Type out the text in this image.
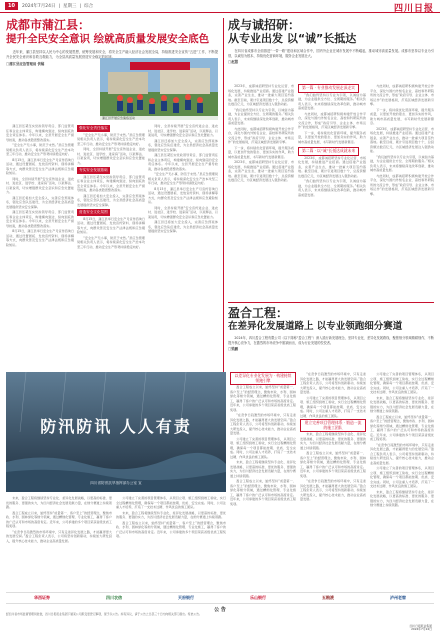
10	2024年7月24日 | 星期三 | 综合	四川日报
成都市蒲江县：
提升全民安全意识 绘就高质量发展安全底色

近年来，蒲江县坚持以人民为中心的发展思想，统筹发展和安全，将安全生产融入经济社会发展全局，持续推进安全宣传“五进”工作，不断提升全民安全意识和自救互救能力，为全县高质量发展营造安全稳定的环境。

□蒲江县应急管理局 供稿
蒲江县开展应急演练活动

蒲江县压紧压实党政领导责任、部门监管责任和企业主体责任，构建横向到边、纵向到底的安全责任体系。今年以来，全县开展安全生产督导检查，推动各类隐患整改落实。

“安全生产无小事，防范于未然。”县应急管理局相关负责人表示，将持续深化安全生产治本攻坚三年行动，推动安全生产形势持续稳定向好。

8月15日，蒲江县举行安全生产月宣传咨询日活动，通过设置展板、发放宣传资料、现场讲解等方式，向群众普及安全生产法律法规和应急避险知识。

同时，全县持续开展“安全宣传进企业、进农村、进社区、进学校、进家庭”活动，以案释法、以案说责，切实增强群众安全意识和应急处置能力。

蒲江县还将加大安全投入，完善应急预案体系，强化应急队伍建设，为全县经济社会高质量发展提供坚实安全保障。

蒲江县压紧压实党政领导责任、部门监管责任和企业主体责任，构建横向到边、纵向到底的安全责任体系。今年以来，全县开展安全生产督导检查，推动各类隐患整改落实。

8月15日，蒲江县举行安全生产月宣传咨询日活动，通过设置展板、发放宣传资料、现场讲解等方式，向群众普及安全生产法律法规和应急避险知识。

强化安全责任落实

“安全生产无小事，防范于未然。”县应急管理局相关负责人表示，将持续深化安全生产治本攻坚三年行动，推动安全生产形势持续稳定向好。

同时，全县持续开展“安全宣传进企业、进农村、进社区、进学校、进家庭”活动，以案释法、以案说责，切实增强群众安全意识和应急处置能力。

夯实安全发展基础

蒲江县压紧压实党政领导责任、部门监管责任和企业主体责任，构建横向到边、纵向到底的安全责任体系。今年以来，全县开展安全生产督导检查，推动各类隐患整改落实。

蒲江县还将加大安全投入，完善应急预案体系，强化应急队伍建设，为全县经济社会高质量发展提供坚实安全保障。

营造安全文化氛围

8月15日，蒲江县举行安全生产月宣传咨询日活动，通过设置展板、发放宣传资料、现场讲解等方式，向群众普及安全生产法律法规和应急避险知识。

“安全生产无小事，防范于未然。”县应急管理局相关负责人表示，将持续深化安全生产治本攻坚三年行动，推动安全生产形势持续稳定向好。

同时，全县持续开展“安全宣传进企业、进农村、进社区、进学校、进家庭”活动，以案释法、以案说责，切实增强群众安全意识和应急处置能力。

蒲江县还将加大安全投入，完善应急预案体系，强化应急队伍建设，为全县经济社会高质量发展提供坚实安全保障。

蒲江县压紧压实党政领导责任、部门监管责任和企业主体责任，构建横向到边、纵向到底的安全责任体系。今年以来，全县开展安全生产督导检查，推动各类隐患整改落实。

“安全生产无小事，防范于未然。”县应急管理局相关负责人表示，将持续深化安全生产治本攻坚三年行动，推动安全生产形势持续稳定向好。

8月15日，蒲江县举行安全生产月宣传咨询日活动，通过设置展板、发放宣传资料、现场讲解等方式，向群众普及安全生产法律法规和应急避险知识。

同时，全县持续开展“安全宣传进企业、进农村、进社区、进学校、进家庭”活动，以案释法、以案说责，切实增强群众安全意识和应急处置能力。

蒲江县还将加大安全投入，完善应急预案体系，强化应急队伍建设，为全县经济社会高质量发展提供坚实安全保障。

成与诚招研：
从专业出发 以“诚”长抵达

在四川省成都市全面推进“一带一路”建设和区域合作中，国内外企业在城市发展中不断崛起，推动城市高质量发展。成都市坚持以专业为引领，以诚信为根本，持续优化营商环境，服务企业发展壮大。

□赵慧

2023年，成都诚招研坚持专业化运营、市场化发展，持续推进产业招商。通过搭建产业链条，完善产业生态，推动一批重大项目签约落地。截至目前，累计引进项目数十个，总投资额达数百亿元，为区域经济发展注入强劲动能。

“我们始终坚持以专业为引领，以诚信为基础，为企业提供全方位、全周期的服务。”相关负责人表示，未来将继续深化改革创新，推动城市高质量发展。

与此同时，成都诚招研积极构建开放合作平台，深化与国内外知名企业、高校和科研院所的交流合作，形成“政府引导、企业主体、市场运作”的发展格局，打造区域经济发展新引擎。

下一步，将持续优化营商环境，提升服务质量，以更加开放的姿态、更加务实的作风，助力城市高质量发展，书写新时代发展新篇章。

2023年，成都诚招研坚持专业化运营、市场化发展，持续推进产业招商。通过搭建产业链条，完善产业生态，推动一批重大项目签约落地。截至目前，累计引进项目数十个，总投资额达数百亿元，为区域经济发展注入强劲动能。

第一篇 · 专业推动发展走深走实

“我们始终坚持以专业为引领，以诚信为基础，为企业提供全方位、全周期的服务。”相关负责人表示，未来将继续深化改革创新，推动城市高质量发展。

与此同时，成都诚招研积极构建开放合作平台，深化与国内外知名企业、高校和科研院所的交流合作，形成“政府引导、企业主体、市场运作”的发展格局，打造区域经济发展新引擎。

下一步，将持续优化营商环境，提升服务质量，以更加开放的姿态、更加务实的作风，助力城市高质量发展，书写新时代发展新篇章。

第二篇 · 以“诚”长抵达成就未来

2023年，成都诚招研坚持专业化运营、市场化发展，持续推进产业招商。通过搭建产业链条，完善产业生态，推动一批重大项目签约落地。截至目前，累计引进项目数十个，总投资额达数百亿元，为区域经济发展注入强劲动能。

“我们始终坚持以专业为引领，以诚信为基础，为企业提供全方位、全周期的服务。”相关负责人表示，未来将继续深化改革创新，推动城市高质量发展。

与此同时，成都诚招研积极构建开放合作平台，深化与国内外知名企业、高校和科研院所的交流合作，形成“政府引导、企业主体、市场运作”的发展格局，打造区域经济发展新引擎。

下一步，将持续优化营商环境，提升服务质量，以更加开放的姿态、更加务实的作风，助力城市高质量发展，书写新时代发展新篇章。

2023年，成都诚招研坚持专业化运营、市场化发展，持续推进产业招商。通过搭建产业链条，完善产业生态，推动一批重大项目签约落地。截至目前，累计引进项目数十个，总投资额达数百亿元，为区域经济发展注入强劲动能。

“我们始终坚持以专业为引领，以诚信为基础，为企业提供全方位、全周期的服务。”相关负责人表示，未来将继续深化改革创新，推动城市高质量发展。

与此同时，成都诚招研积极构建开放合作平台，深化与国内外知名企业、高校和科研院所的交流合作，形成“政府引导、企业主体、市场运作”的发展格局，打造区域经济发展新引擎。

盈合工程：
在差异化发展道路上 以专业领跑细分赛道

2024年，四川盈合工程有限公司（以下简称“盈合工程”）深入践行新发展理念，坚持专业化、差异化发展路线，聚焦细分领域精耕细作，不断提升核心竞争力，在激烈的市场竞争中脱颖而出，成为行业发展的佼佼者。

□梁鹏
防汛防讯 人人有责
四川省防汛抗旱指挥部办公室 宣
以差异化专业化发展为 · 构建持续领跑引擎

盈合工程成立以来，始终坚持“质量第一、客户至上”的经营理念，聚焦市政、水利、园林绿化等细分领域，通过精细化管理、专业化施工，赢得了客户的广泛认可和市场的高度肯定。近年来，公司承建的多个项目荣获省级优质工程奖项。

“在竞争日趋激烈的市场环境中，只有走差异化发展之路，才能赢得更大的发展空间。”盈合工程负责人表示，公司将坚持创新驱动，持续加大研发投入，提升核心技术能力，推动企业高质量发展。

公司建立了完善的项目管理体系，从项目立项、施工组织到竣工验收，实行全过程精细化管理，确保每一个项目都能按期、优质、安全完成。同时，公司注重人才培养，打造了一支技术过硬、作风优良的施工团队。

未来，盈合工程将继续坚持专业化、差异化发展战略，以更高的标准、更优的服务、更强的实力，为四川经济社会发展贡献力量，在细分赛道上持续领跑。

盈合工程成立以来，始终坚持“质量第一、客户至上”的经营理念，聚焦市政、水利、园林绿化等细分领域，通过精细化管理、专业化施工，赢得了客户的广泛认可和市场的高度肯定。近年来，公司承建的多个项目荣获省级优质工程奖项。

“在竞争日趋激烈的市场环境中，只有走差异化发展之路，才能赢得更大的发展空间。”盈合工程负责人表示，公司将坚持创新驱动，持续加大研发投入，提升核心技术能力，推动企业高质量发展。

公司建立了完善的项目管理体系，从项目立项、施工组织到竣工验收，实行全过程精细化管理，确保每一个项目都能按期、优质、安全完成。同时，公司注重人才培养，打造了一支技术过硬、作风优良的施工团队。

建立完善项目管理体系 · 锻造一流的施工团队

未来，盈合工程将继续坚持专业化、差异化发展战略，以更高的标准、更优的服务、更强的实力，为四川经济社会发展贡献力量，在细分赛道上持续领跑。

盈合工程成立以来，始终坚持“质量第一、客户至上”的经营理念，聚焦市政、水利、园林绿化等细分领域，通过精细化管理、专业化施工，赢得了客户的广泛认可和市场的高度肯定。近年来，公司承建的多个项目荣获省级优质工程奖项。

“在竞争日趋激烈的市场环境中，只有走差异化发展之路，才能赢得更大的发展空间。”盈合工程负责人表示，公司将坚持创新驱动，持续加大研发投入，提升核心技术能力，推动企业高质量发展。

公司建立了完善的项目管理体系，从项目立项、施工组织到竣工验收，实行全过程精细化管理，确保每一个项目都能按期、优质、安全完成。同时，公司注重人才培养，打造了一支技术过硬、作风优良的施工团队。

未来，盈合工程将继续坚持专业化、差异化发展战略，以更高的标准、更优的服务、更强的实力，为四川经济社会发展贡献力量，在细分赛道上持续领跑。

盈合工程成立以来，始终坚持“质量第一、客户至上”的经营理念，聚焦市政、水利、园林绿化等细分领域，通过精细化管理、专业化施工，赢得了客户的广泛认可和市场的高度肯定。近年来，公司承建的多个项目荣获省级优质工程奖项。

“在竞争日趋激烈的市场环境中，只有走差异化发展之路，才能赢得更大的发展空间。”盈合工程负责人表示，公司将坚持创新驱动，持续加大研发投入，提升核心技术能力，推动企业高质量发展。

公司建立了完善的项目管理体系，从项目立项、施工组织到竣工验收，实行全过程精细化管理，确保每一个项目都能按期、优质、安全完成。同时，公司注重人才培养，打造了一支技术过硬、作风优良的施工团队。

未来，盈合工程将继续坚持专业化、差异化发展战略，以更高的标准、更优的服务、更强的实力，为四川经济社会发展贡献力量，在细分赛道上持续领跑。

未来，盈合工程将继续坚持专业化、差异化发展战略，以更高的标准、更优的服务、更强的实力，为四川经济社会发展贡献力量，在细分赛道上持续领跑。

盈合工程成立以来，始终坚持“质量第一、客户至上”的经营理念，聚焦市政、水利、园林绿化等细分领域，通过精细化管理、专业化施工，赢得了客户的广泛认可和市场的高度肯定。近年来，公司承建的多个项目荣获省级优质工程奖项。

“在竞争日趋激烈的市场环境中，只有走差异化发展之路，才能赢得更大的发展空间。”盈合工程负责人表示，公司将坚持创新驱动，持续加大研发投入，提升核心技术能力，推动企业高质量发展。

公司建立了完善的项目管理体系，从项目立项、施工组织到竣工验收，实行全过程精细化管理，确保每一个项目都能按期、优质、安全完成。同时，公司注重人才培养，打造了一支技术过硬、作风优良的施工团队。

未来，盈合工程将继续坚持专业化、差异化发展战略，以更高的标准、更优的服务、更强的实力，为四川经济社会发展贡献力量，在细分赛道上持续领跑。

盈合工程成立以来，始终坚持“质量第一、客户至上”的经营理念，聚焦市政、水利、园林绿化等细分领域，通过精细化管理、专业化施工，赢得了客户的广泛认可和市场的高度肯定。近年来，公司承建的多个项目荣获省级优质工程奖项。

华西证券	四川农信	天府银行	乐山银行	五粮液	泸州老窖
公 告
经四川省市场监督管理局批准，四川日报报业集团下属某公司拟变更登记事项，现予以公告。如有异议，请于公告之日起三十日内向相关部门提出。特此公告。
四川日报报业集团
2024年7月24日
